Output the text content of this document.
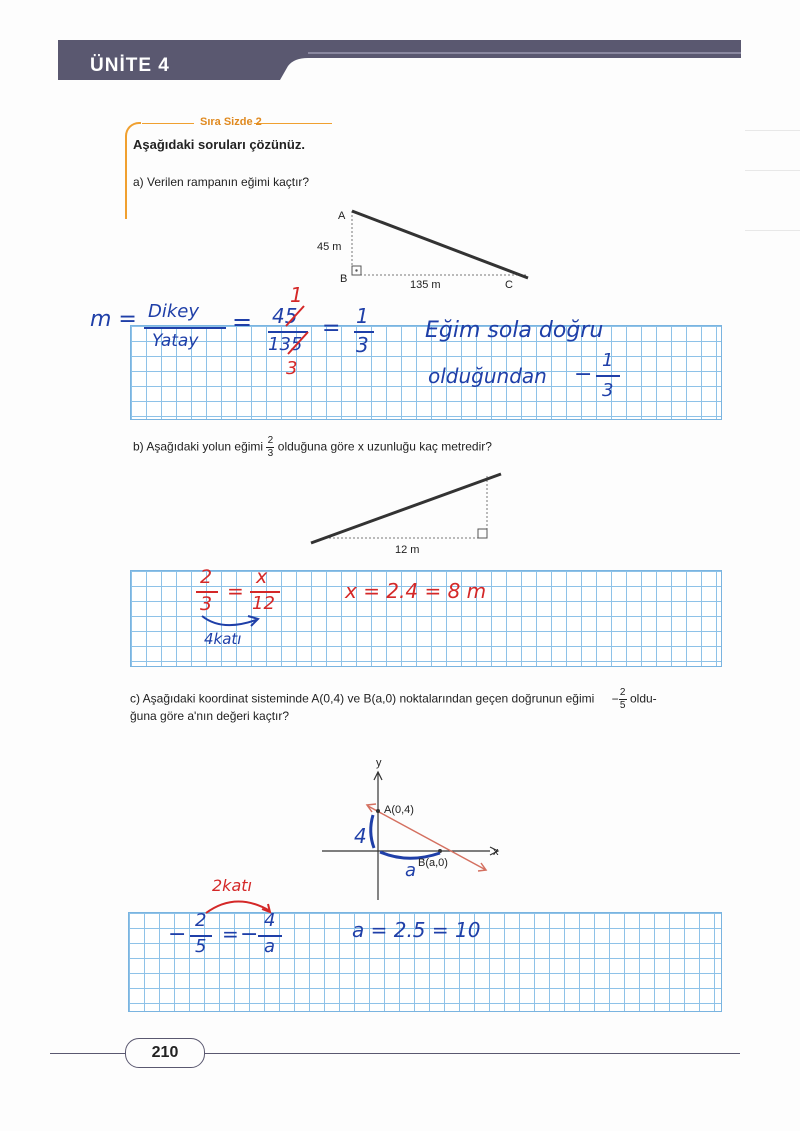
ÜNİTE 4
Sıra Sizde 2
Aşağıdaki soruları çözünüz.
a) Verilen rampanın eğimi kaçtır?
A
45 m
B	135 m	C
m = Dikey
Yatay
=
1
45
135
3
= 1
3
Eğim sola doğru
olduğundan −
1
3
b) Aşağıdaki yolun eğimi $\frac{2}{3}$ olduğuna göre x uzunluğu kaç metredir?
12 m
2
3
=
x
12
4katı
x = 2.4 = 8 m
c) Aşağıdaki koordinat sisteminde A(0,4) ve B(a,0) noktalarından geçen doğrunun eğimi − $\frac{2}{5}$ oldu-
ğuna göre a'nın değeri kaçtır?
y
x
A(0,4)
B(a,0)
4
a
2katı
−
2
5
= −
4
a
a = 2.5 = 10
210
